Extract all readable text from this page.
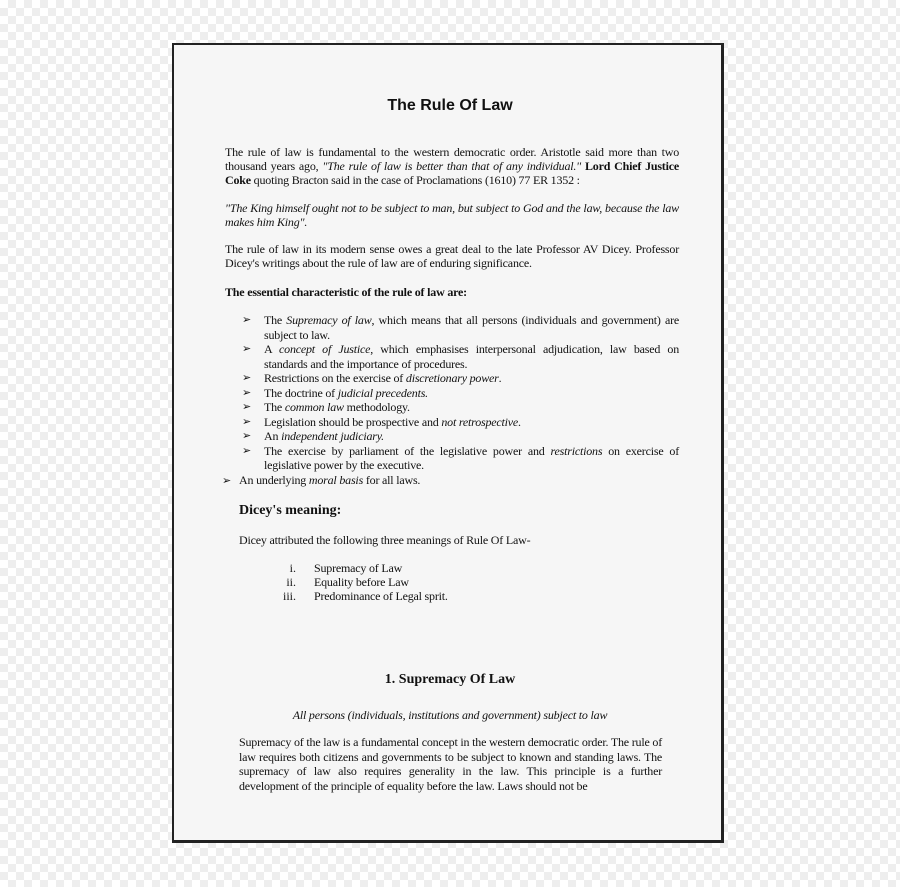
The Rule Of Law

The rule of law is fundamental to the western democratic order. Aristotle said more than two thousand years ago, "The rule of law is better than that of any individual." Lord Chief Justice Coke quoting Bracton said in the case of Proclamations (1610) 77 ER 1352 :

"The King himself ought not to be subject to man, but subject to God and the law, because the law makes him King".

The rule of law in its modern sense owes a great deal to the late Professor AV Dicey. Professor Dicey's writings about the rule of law are of enduring significance.

The essential characteristic of the rule of law are:

➢ The Supremacy of law, which means that all persons (individuals and government) are subject to law.
➢ A concept of Justice, which emphasises interpersonal adjudication, law based on standards and the importance of procedures.
➢ Restrictions on the exercise of discretionary power.
➢ The doctrine of judicial precedents.
➢ The common law methodology.
➢ Legislation should be prospective and not retrospective.
➢ An independent judiciary.
➢ The exercise by parliament of the legislative power and restrictions on exercise of legislative power by the executive.

➢ An underlying moral basis for all laws.

Dicey's meaning:

Dicey attributed the following three meanings of Rule Of Law-

i. Supremacy of Law
ii. Equality before Law
iii. Predominance of Legal sprit.
1. Supremacy Of Law

All persons (individuals, institutions and government) subject to law

Supremacy of the law is a fundamental concept in the western democratic order. The rule of law requires both citizens and governments to be subject to known and standing laws. The supremacy of law also requires generality in the law. This principle is a further development of the principle of equality before the law. Laws should not be
